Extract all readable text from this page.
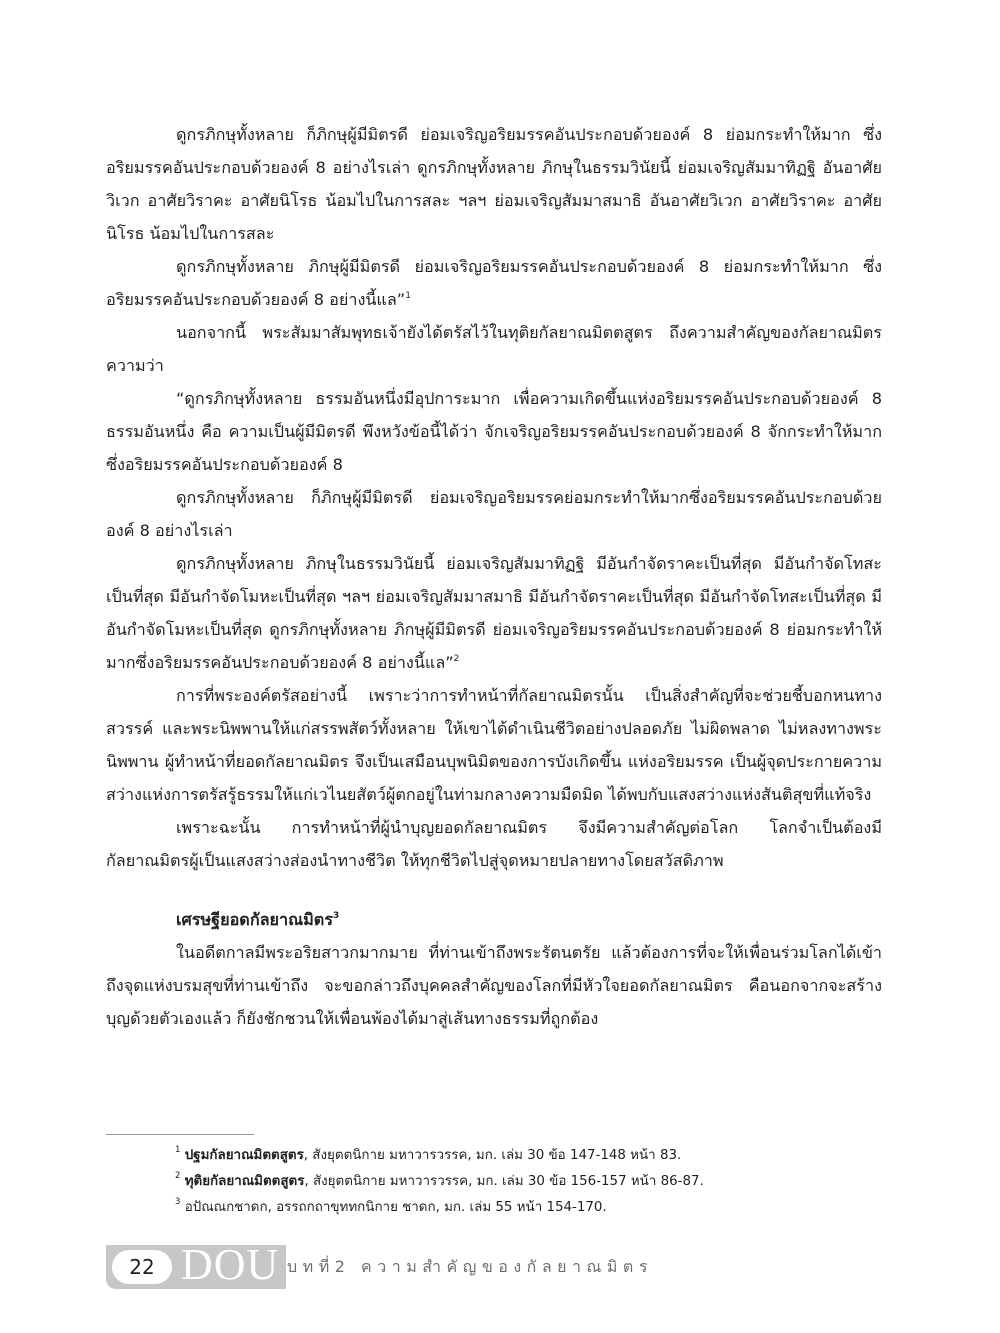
ดูกรภิกษุทั้งหลาย ก็ภิกษุผู้มีมิตรดี ย่อมเจริญอริยมรรคอันประกอบด้วยองค์ 8 ย่อมกระทำให้มาก ซึ่งอริยมรรคอันประกอบด้วยองค์ 8 อย่างไรเล่า ดูกรภิกษุทั้งหลาย ภิกษุในธรรมวินัยนี้ ย่อมเจริญสัมมาทิฏฐิ อันอาศัยวิเวก อาศัยวิราคะ อาศัยนิโรธ น้อมไปในการสละ ฯลฯ ย่อมเจริญสัมมาสมาธิ อันอาศัยวิเวก อาศัยวิราคะ อาศัยนิโรธ น้อมไปในการสละ

ดูกรภิกษุทั้งหลาย ภิกษุผู้มีมิตรดี ย่อมเจริญอริยมรรคอันประกอบด้วยองค์ 8 ย่อมกระทำให้มาก ซึ่งอริยมรรคอันประกอบด้วยองค์ 8 อย่างนี้แล”$^1$

นอกจากนี้ พระสัมมาสัมพุทธเจ้ายังได้ตรัสไว้ในทุติยกัลยาณมิตตสูตร ถึงความสำคัญของกัลยาณมิตร ความว่า

“ดูกรภิกษุทั้งหลาย ธรรมอันหนึ่งมีอุปการะมาก เพื่อความเกิดขึ้นแห่งอริยมรรคอันประกอบด้วยองค์ 8 ธรรมอันหนึ่ง คือ ความเป็นผู้มีมิตรดี พึงหวังข้อนี้ได้ว่า จักเจริญอริยมรรคอันประกอบด้วยองค์ 8 จักกระทำให้มาก ซึ่งอริยมรรคอันประกอบด้วยองค์ 8

ดูกรภิกษุทั้งหลาย ก็ภิกษุผู้มีมิตรดี ย่อมเจริญอริยมรรคย่อมกระทำให้มากซึ่งอริยมรรคอันประกอบด้วยองค์ 8 อย่างไรเล่า

ดูกรภิกษุทั้งหลาย ภิกษุในธรรมวินัยนี้ ย่อมเจริญสัมมาทิฏฐิ มีอันกำจัดราคะเป็นที่สุด มีอันกำจัดโทสะเป็นที่สุด มีอันกำจัดโมหะเป็นที่สุด ฯลฯ ย่อมเจริญสัมมาสมาธิ มีอันกำจัดราคะเป็นที่สุด มีอันกำจัดโทสะเป็นที่สุด มีอันกำจัดโมหะเป็นที่สุด ดูกรภิกษุทั้งหลาย ภิกษุผู้มีมิตรดี ย่อมเจริญอริยมรรคอันประกอบด้วยองค์ 8 ย่อมกระทำให้มากซึ่งอริยมรรคอันประกอบด้วยองค์ 8 อย่างนี้แล”$^2$

การที่พระองค์ตรัสอย่างนี้ เพราะว่าการทำหน้าที่กัลยาณมิตรนั้น เป็นสิ่งสำคัญที่จะช่วยชี้บอกหนทางสวรรค์ และพระนิพพานให้แก่สรรพสัตว์ทั้งหลาย ให้เขาได้ดำเนินชีวิตอย่างปลอดภัย ไม่ผิดพลาด ไม่หลงทางพระนิพพาน ผู้ทำหน้าที่ยอดกัลยาณมิตร จึงเป็นเสมือนบุพนิมิตของการบังเกิดขึ้น แห่งอริยมรรค เป็นผู้จุดประกายความสว่างแห่งการตรัสรู้ธรรมให้แก่เวไนยสัตว์ผู้ตกอยู่ในท่ามกลางความมืดมิด ได้พบกับแสงสว่างแห่งสันติสุขที่แท้จริง

เพราะฉะนั้น การทำหน้าที่ผู้นำบุญยอดกัลยาณมิตร จึงมีความสำคัญต่อโลก โลกจำเป็นต้องมีกัลยาณมิตรผู้เป็นแสงสว่างส่องนำทางชีวิต ให้ทุกชีวิตไปสู่จุดหมายปลายทางโดยสวัสดิภาพ

เศรษฐียอดกัลยาณมิตร$^3$

ในอดีตกาลมีพระอริยสาวกมากมาย ที่ท่านเข้าถึงพระรัตนตรัย แล้วต้องการที่จะให้เพื่อนร่วมโลกได้เข้าถึงจุดแห่งบรมสุขที่ท่านเข้าถึง จะขอกล่าวถึงบุคคลสำคัญของโลกที่มีหัวใจยอดกัลยาณมิตร คือนอกจากจะสร้างบุญด้วยตัวเองแล้ว ก็ยังชักชวนให้เพื่อนพ้องได้มาสู่เส้นทางธรรมที่ถูกต้อง

$^1$ ปฐมกัลยาณมิตตสูตร, สังยุตตนิกาย มหาวารวรรค, มก. เล่ม 30 ข้อ 147-148 หน้า 83.
$^2$ ทุติยกัลยาณมิตตสูตร, สังยุตตนิกาย มหาวารวรรค, มก. เล่ม 30 ข้อ 156-157 หน้า 86-87.
$^3$ อปัณณกชาดก, อรรถกถาขุททกนิกาย ชาดก, มก. เล่ม 55 หน้า 154-170.
22 DOU บทที่2 ความสำคัญของกัลยาณมิตร
